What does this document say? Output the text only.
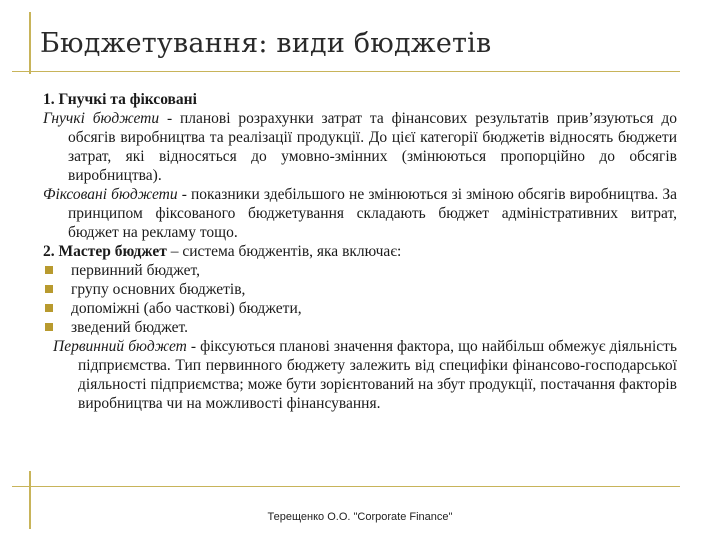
Бюджетування: види бюджетів

1. Гнучкі та фіксовані

Гнучкі бюджети - планові розрахунки затрат та фінансових результатів прив’язуються до обсягів виробництва та реалізації продукції. До цієї категорії бюджетів відносять бюджети затрат, які відносяться до умовно-змінних (змінюються пропорційно до обсягів виробництва).

Фіксовані бюджети - показники здебільшого не змінюються зі зміною обсягів виробництва. За принципом фіксованого бюджетування складають бюджет адміністративних витрат, бюджет на рекламу тощо.

2. Мастер бюджет – система бюджентів, яка включає:

первинний бюджет,

групу основних бюджетів,

допоміжні (або часткові) бюджети,

зведений бюджет.

Первинний бюджет - фіксуються планові значення фактора, що найбільш обмежує діяльність підприємства. Тип первинного бюджету залежить від специфіки фінансово-господарської діяльності підприємства; може бути зорієнтований на збут продукції, постачання факторів виробництва чи на можливості фінансування.

Терещенко О.О. "Corporate Finance"
